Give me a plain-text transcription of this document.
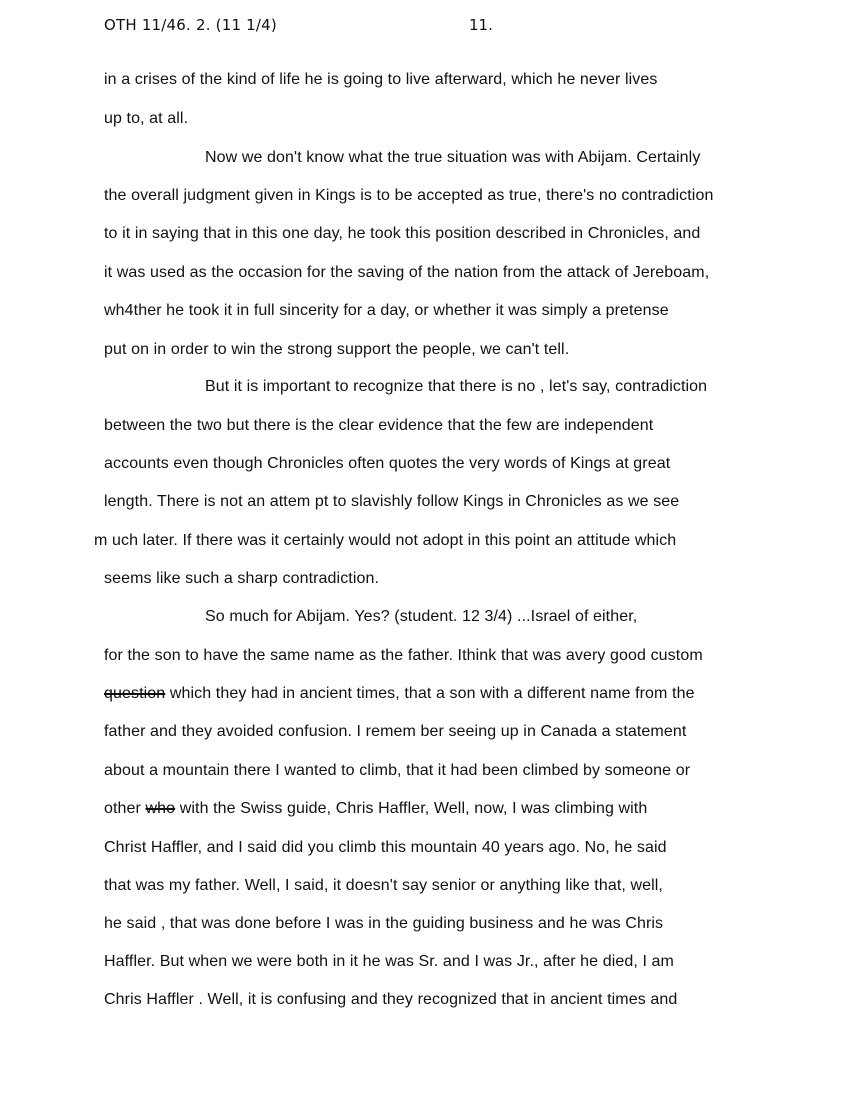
OTH 11/46. 2. (11 1/4)	11.
in a crises of the kind of life he is going to live afterward, which he never lives
up to, at all.
Now we don't know what the true situation was with Abijam. Certainly
the overall judgment given in Kings is to be accepted as true, there's no contradiction
to it in saying that in this one day, he took this position described in Chronicles, and
it was used as the occasion for the saving of the nation from the attack of Jereboam,
wh4ther he took it in full sincerity for a day, or whether it was simply a pretense
put on in order to win the strong support the people, we can't tell.
But it is important to recognize that there is no , let's say, contradiction
between the two but there is the clear evidence that the few are independent
accounts even though Chronicles often quotes the very words of Kings at great
length. There is not an attem pt to slavishly follow Kings in Chronicles as we see
m uch later. If there was it certainly would not adopt in this point an attitude which
seems like such a sharp contradiction.
So much for Abijam. Yes? (student. 12 3/4) ...Israel of either,
for the son to have the same name as the father. Ithink that was avery good custom
question which they had in ancient times, that a son with a different name from the
father and they avoided confusion. I remem ber seeing up in Canada a statement
about a mountain there I wanted to climb, that it had been climbed by someone or
other who with the Swiss guide, Chris Haffler, Well, now, I was climbing with
Christ Haffler, and I said did you climb this mountain 40 years ago. No, he said
that was my father. Well, I said, it doesn't say senior or anything like that, well,
he said , that was done before I was in the guiding business and he was Chris
Haffler. But when we were both in it he was Sr. and I was Jr., after he died, I am
Chris Haffler . Well, it is confusing and they recognized that in ancient times and
